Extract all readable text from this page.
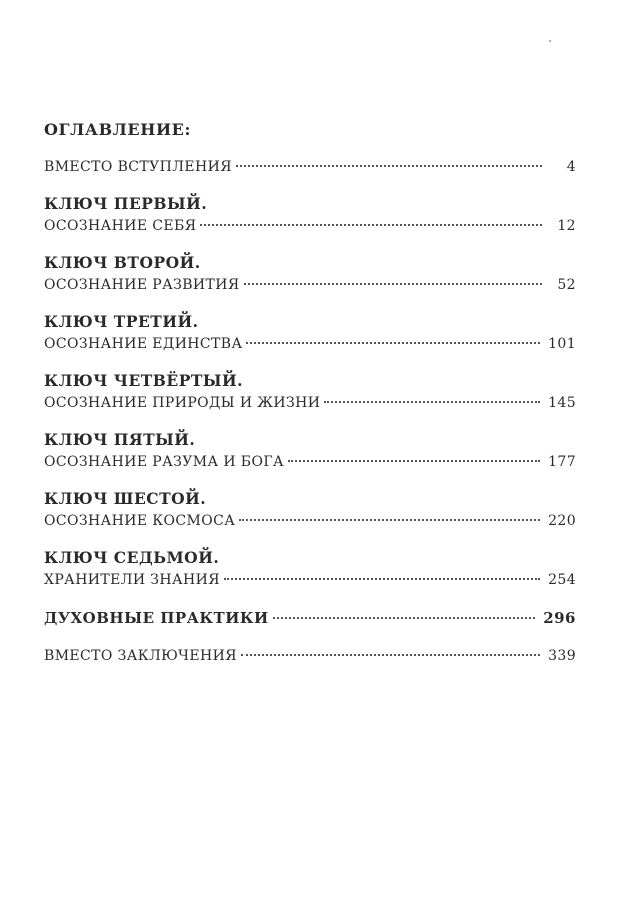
ОГЛАВЛЕНИЕ:
ВМЕСТО ВСТУПЛЕНИЯ	4
КЛЮЧ ПЕРВЫЙ.
ОСОЗНАНИЕ СЕБЯ	12
КЛЮЧ ВТОРОЙ.
ОСОЗНАНИЕ РАЗВИТИЯ	52
КЛЮЧ ТРЕТИЙ.
ОСОЗНАНИЕ ЕДИНСТВА	101
КЛЮЧ ЧЕТВЁРТЫЙ.
ОСОЗНАНИЕ ПРИРОДЫ И ЖИЗНИ	145
КЛЮЧ ПЯТЫЙ.
ОСОЗНАНИЕ РАЗУМА И БОГА	177
КЛЮЧ ШЕСТОЙ.
ОСОЗНАНИЕ КОСМОСА	220
КЛЮЧ СЕДЬМОЙ.
ХРАНИТЕЛИ ЗНАНИЯ	254
ДУХОВНЫЕ ПРАКТИКИ	296
ВМЕСТО ЗАКЛЮЧЕНИЯ	339
